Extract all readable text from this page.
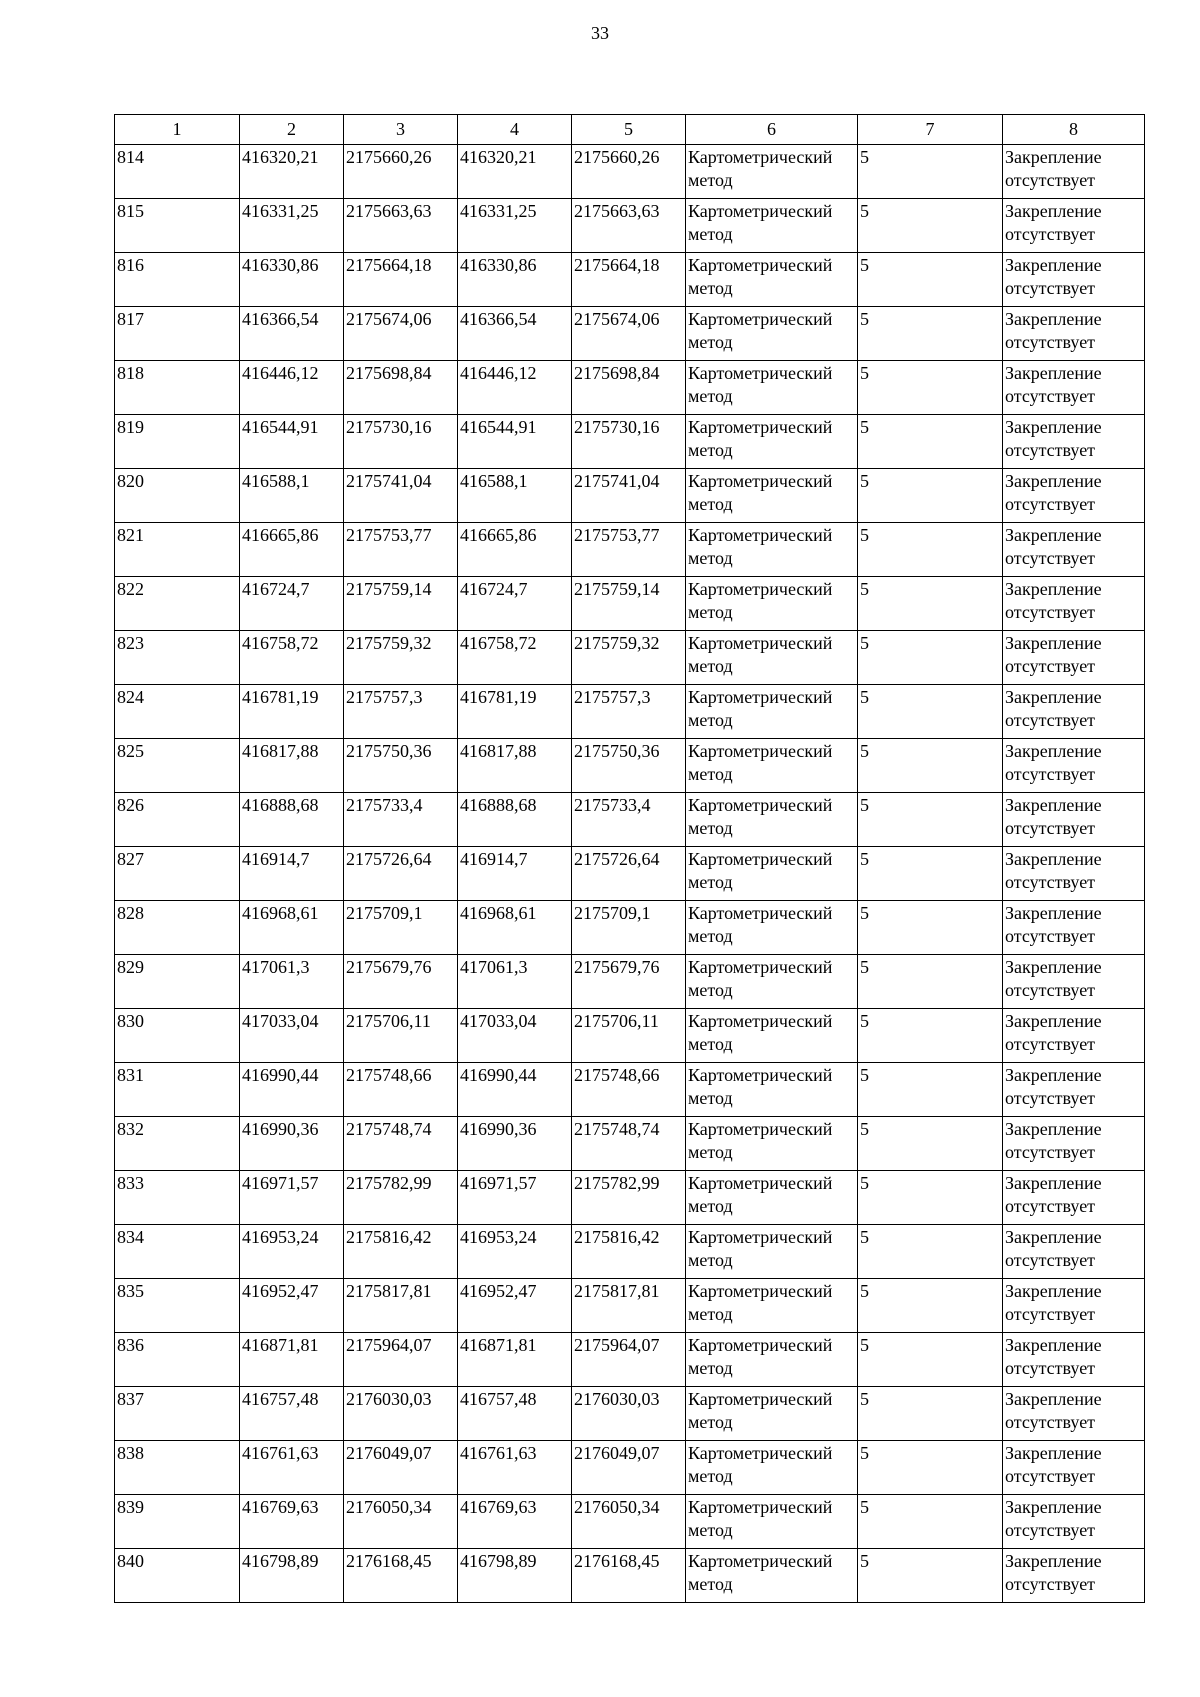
33
1	2	3	4	5	6	7	8
814	416320,21	2175660,26	416320,21	2175660,26	Картометрический метод	5	Закрепление отсутствует
815	416331,25	2175663,63	416331,25	2175663,63	Картометрический метод	5	Закрепление отсутствует
816	416330,86	2175664,18	416330,86	2175664,18	Картометрический метод	5	Закрепление отсутствует
817	416366,54	2175674,06	416366,54	2175674,06	Картометрический метод	5	Закрепление отсутствует
818	416446,12	2175698,84	416446,12	2175698,84	Картометрический метод	5	Закрепление отсутствует
819	416544,91	2175730,16	416544,91	2175730,16	Картометрический метод	5	Закрепление отсутствует
820	416588,1	2175741,04	416588,1	2175741,04	Картометрический метод	5	Закрепление отсутствует
821	416665,86	2175753,77	416665,86	2175753,77	Картометрический метод	5	Закрепление отсутствует
822	416724,7	2175759,14	416724,7	2175759,14	Картометрический метод	5	Закрепление отсутствует
823	416758,72	2175759,32	416758,72	2175759,32	Картометрический метод	5	Закрепление отсутствует
824	416781,19	2175757,3	416781,19	2175757,3	Картометрический метод	5	Закрепление отсутствует
825	416817,88	2175750,36	416817,88	2175750,36	Картометрический метод	5	Закрепление отсутствует
826	416888,68	2175733,4	416888,68	2175733,4	Картометрический метод	5	Закрепление отсутствует
827	416914,7	2175726,64	416914,7	2175726,64	Картометрический метод	5	Закрепление отсутствует
828	416968,61	2175709,1	416968,61	2175709,1	Картометрический метод	5	Закрепление отсутствует
829	417061,3	2175679,76	417061,3	2175679,76	Картометрический метод	5	Закрепление отсутствует
830	417033,04	2175706,11	417033,04	2175706,11	Картометрический метод	5	Закрепление отсутствует
831	416990,44	2175748,66	416990,44	2175748,66	Картометрический метод	5	Закрепление отсутствует
832	416990,36	2175748,74	416990,36	2175748,74	Картометрический метод	5	Закрепление отсутствует
833	416971,57	2175782,99	416971,57	2175782,99	Картометрический метод	5	Закрепление отсутствует
834	416953,24	2175816,42	416953,24	2175816,42	Картометрический метод	5	Закрепление отсутствует
835	416952,47	2175817,81	416952,47	2175817,81	Картометрический метод	5	Закрепление отсутствует
836	416871,81	2175964,07	416871,81	2175964,07	Картометрический метод	5	Закрепление отсутствует
837	416757,48	2176030,03	416757,48	2176030,03	Картометрический метод	5	Закрепление отсутствует
838	416761,63	2176049,07	416761,63	2176049,07	Картометрический метод	5	Закрепление отсутствует
839	416769,63	2176050,34	416769,63	2176050,34	Картометрический метод	5	Закрепление отсутствует
840	416798,89	2176168,45	416798,89	2176168,45	Картометрический метод	5	Закрепление отсутствует
